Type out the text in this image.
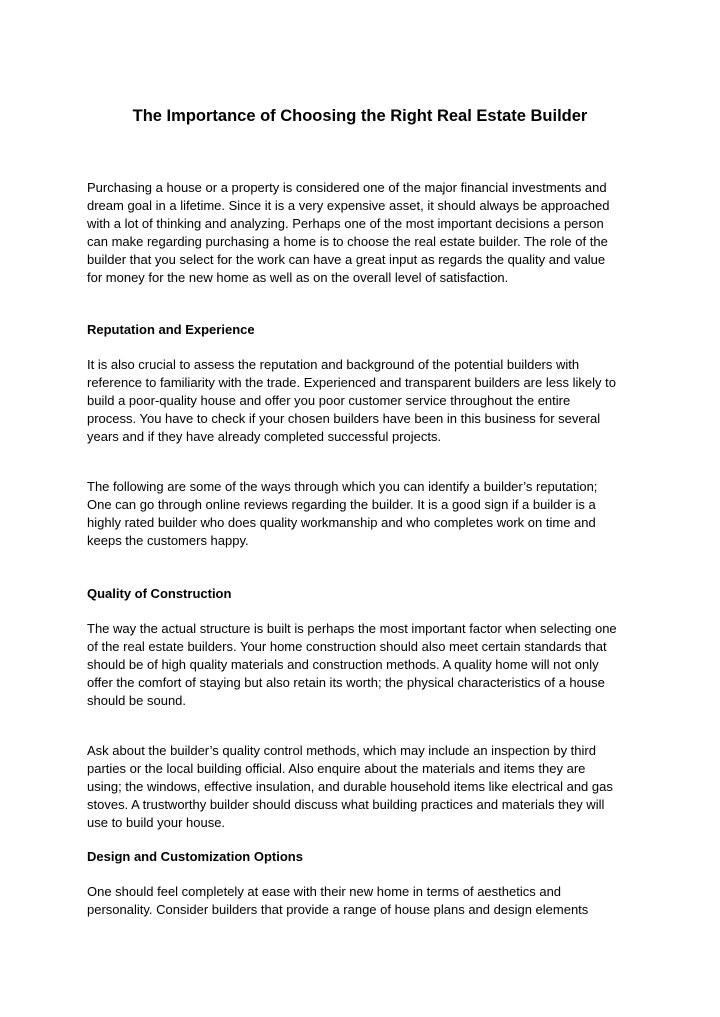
The Importance of Choosing the Right Real Estate Builder

Purchasing a house or a property is considered one of the major financial investments and
dream goal in a lifetime. Since it is a very expensive asset, it should always be approached
with a lot of thinking and analyzing. Perhaps one of the most important decisions a person
can make regarding purchasing a home is to choose the real estate builder. The role of the
builder that you select for the work can have a great input as regards the quality and value
for money for the new home as well as on the overall level of satisfaction.

Reputation and Experience

It is also crucial to assess the reputation and background of the potential builders with
reference to familiarity with the trade. Experienced and transparent builders are less likely to
build a poor-quality house and offer you poor customer service throughout the entire
process. You have to check if your chosen builders have been in this business for several
years and if they have already completed successful projects.

The following are some of the ways through which you can identify a builder’s reputation;
One can go through online reviews regarding the builder. It is a good sign if a builder is a
highly rated builder who does quality workmanship and who completes work on time and
keeps the customers happy.

Quality of Construction

The way the actual structure is built is perhaps the most important factor when selecting one
of the real estate builders. Your home construction should also meet certain standards that
should be of high quality materials and construction methods. A quality home will not only
offer the comfort of staying but also retain its worth; the physical characteristics of a house
should be sound.

Ask about the builder’s quality control methods, which may include an inspection by third
parties or the local building official. Also enquire about the materials and items they are
using; the windows, effective insulation, and durable household items like electrical and gas
stoves. A trustworthy builder should discuss what building practices and materials they will
use to build your house.

Design and Customization Options

One should feel completely at ease with their new home in terms of aesthetics and
personality. Consider builders that provide a range of house plans and design elements
